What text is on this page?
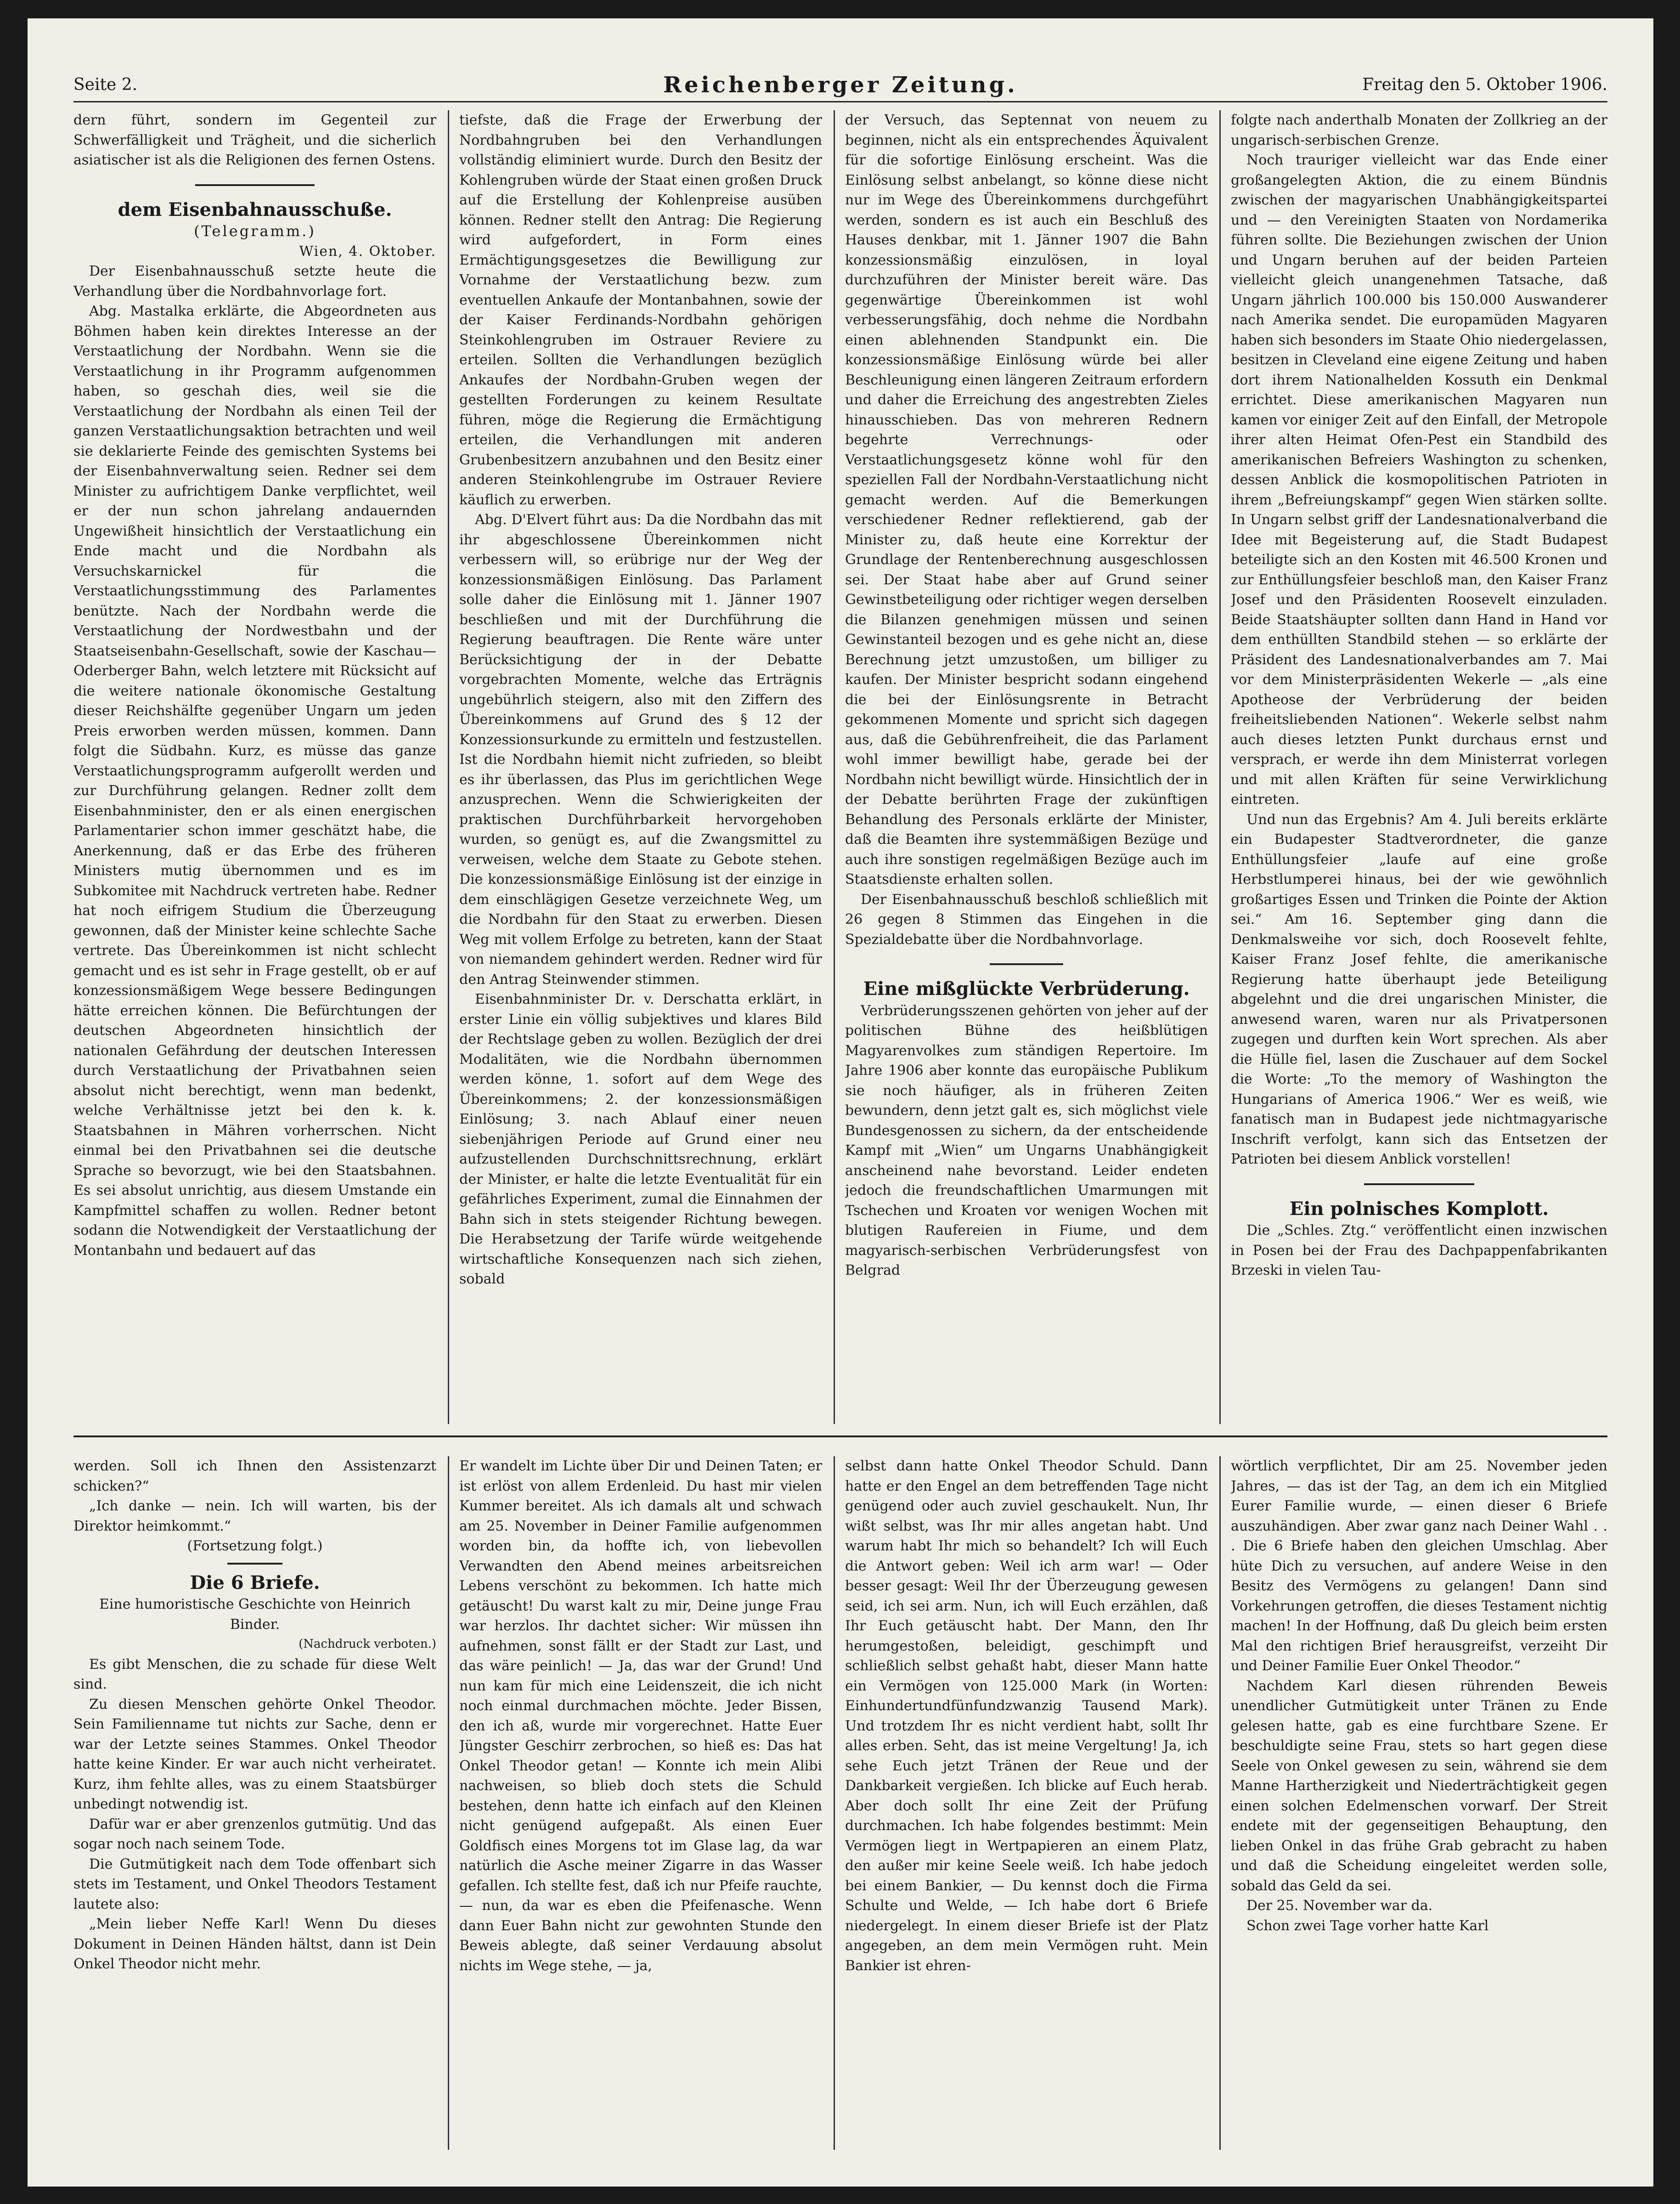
Seite 2.	Reichenberger Zeitung.	Freitag den 5. Oktober 1906.

dern führt, sondern im Gegenteil zur Schwerfälligkeit und Trägheit, und die sicherlich asiatischer ist als die Religionen des fernen Ostens.

dem Eisenbahnausschuße.
(Telegramm.)
Wien, 4. Oktober.

Der Eisenbahnausschuß setzte heute die Verhandlung über die Nordbahnvorlage fort.

Abg. Mastalka erklärte, die Abgeordneten aus Böhmen haben kein direktes Interesse an der Verstaatlichung der Nordbahn. Wenn sie die Verstaatlichung in ihr Programm aufgenommen haben, so geschah dies, weil sie die Verstaatlichung der Nordbahn als einen Teil der ganzen Verstaatlichungsaktion betrachten und weil sie deklarierte Feinde des gemischten Systems bei der Eisenbahnverwaltung seien. Redner sei dem Minister zu aufrichtigem Danke verpflichtet, weil er der nun schon jahrelang andauernden Ungewißheit hinsichtlich der Verstaatlichung ein Ende macht und die Nordbahn als Versuchskarnickel für die Verstaatlichungsstimmung des Parlamentes benützte. Nach der Nordbahn werde die Verstaatlichung der Nordwestbahn und der Staatseisenbahn-Gesellschaft, sowie der Kaschau—Oderberger Bahn, welch letztere mit Rücksicht auf die weitere nationale ökonomische Gestaltung dieser Reichshälfte gegenüber Ungarn um jeden Preis erworben werden müssen, kommen. Dann folgt die Südbahn. Kurz, es müsse das ganze Verstaatlichungsprogramm aufgerollt werden und zur Durchführung gelangen. Redner zollt dem Eisenbahnminister, den er als einen energischen Parlamentarier schon immer geschätzt habe, die Anerkennung, daß er das Erbe des früheren Ministers mutig übernommen und es im Subkomitee mit Nachdruck vertreten habe. Redner hat noch eifrigem Studium die Überzeugung gewonnen, daß der Minister keine schlechte Sache vertrete. Das Übereinkommen ist nicht schlecht gemacht und es ist sehr in Frage gestellt, ob er auf konzessionsmäßigem Wege bessere Bedingungen hätte erreichen können. Die Befürchtungen der deutschen Abgeordneten hinsichtlich der nationalen Gefährdung der deutschen Interessen durch Verstaatlichung der Privatbahnen seien absolut nicht berechtigt, wenn man bedenkt, welche Verhältnisse jetzt bei den k. k. Staatsbahnen in Mähren vorherrschen. Nicht einmal bei den Privatbahnen sei die deutsche Sprache so bevorzugt, wie bei den Staatsbahnen. Es sei absolut unrichtig, aus diesem Umstande ein Kampfmittel schaffen zu wollen. Redner betont sodann die Notwendigkeit der Verstaatlichung der Montanbahn und bedauert auf das

tiefste, daß die Frage der Erwerbung der Nordbahngruben bei den Verhandlungen vollständig eliminiert wurde. Durch den Besitz der Kohlengruben würde der Staat einen großen Druck auf die Erstellung der Kohlenpreise ausüben können. Redner stellt den Antrag: Die Regierung wird aufgefordert, in Form eines Ermächtigungsgesetzes die Bewilligung zur Vornahme der Verstaatlichung bezw. zum eventuellen Ankaufe der Montanbahnen, sowie der der Kaiser Ferdinands-Nordbahn gehörigen Steinkohlengruben im Ostrauer Reviere zu erteilen. Sollten die Verhandlungen bezüglich Ankaufes der Nordbahn-Gruben wegen der gestellten Forderungen zu keinem Resultate führen, möge die Regierung die Ermächtigung erteilen, die Verhandlungen mit anderen Grubenbesitzern anzubahnen und den Besitz einer anderen Steinkohlengrube im Ostrauer Reviere käuflich zu erwerben.

Abg. D'Elvert führt aus: Da die Nordbahn das mit ihr abgeschlossene Übereinkommen nicht verbessern will, so erübrige nur der Weg der konzessionsmäßigen Einlösung. Das Parlament solle daher die Einlösung mit 1. Jänner 1907 beschließen und mit der Durchführung die Regierung beauftragen. Die Rente wäre unter Berücksichtigung der in der Debatte vorgebrachten Momente, welche das Erträgnis ungebührlich steigern, also mit den Ziffern des Übereinkommens auf Grund des § 12 der Konzessionsurkunde zu ermitteln und festzustellen. Ist die Nordbahn hiemit nicht zufrieden, so bleibt es ihr überlassen, das Plus im gerichtlichen Wege anzusprechen. Wenn die Schwierigkeiten der praktischen Durchführbarkeit hervorgehoben wurden, so genügt es, auf die Zwangsmittel zu verweisen, welche dem Staate zu Gebote stehen. Die konzessionsmäßige Einlösung ist der einzige in dem einschlägigen Gesetze verzeichnete Weg, um die Nordbahn für den Staat zu erwerben. Diesen Weg mit vollem Erfolge zu betreten, kann der Staat von niemandem gehindert werden. Redner wird für den Antrag Steinwender stimmen.

Eisenbahnminister Dr. v. Derschatta erklärt, in erster Linie ein völlig subjektives und klares Bild der Rechtslage geben zu wollen. Bezüglich der drei Modalitäten, wie die Nordbahn übernommen werden könne, 1. sofort auf dem Wege des Übereinkommens; 2. der konzessionsmäßigen Einlösung; 3. nach Ablauf einer neuen siebenjährigen Periode auf Grund einer neu aufzustellenden Durchschnittsrechnung, erklärt der Minister, er halte die letzte Eventualität für ein gefährliches Experiment, zumal die Einnahmen der Bahn sich in stets steigender Richtung bewegen. Die Herabsetzung der Tarife würde weitgehende wirtschaftliche Konsequenzen nach sich ziehen, sobald

der Versuch, das Septennat von neuem zu beginnen, nicht als ein entsprechendes Äquivalent für die sofortige Einlösung erscheint. Was die Einlösung selbst anbelangt, so könne diese nicht nur im Wege des Übereinkommens durchgeführt werden, sondern es ist auch ein Beschluß des Hauses denkbar, mit 1. Jänner 1907 die Bahn konzessionsmäßig einzulösen, in loyal durchzuführen der Minister bereit wäre. Das gegenwärtige Übereinkommen ist wohl verbesserungsfähig, doch nehme die Nordbahn einen ablehnenden Standpunkt ein. Die konzessionsmäßige Einlösung würde bei aller Beschleunigung einen längeren Zeitraum erfordern und daher die Erreichung des angestrebten Zieles hinausschieben. Das von mehreren Rednern begehrte Verrechnungs- oder Verstaatlichungsgesetz könne wohl für den speziellen Fall der Nordbahn-Verstaatlichung nicht gemacht werden. Auf die Bemerkungen verschiedener Redner reflektierend, gab der Minister zu, daß heute eine Korrektur der Grundlage der Rentenberechnung ausgeschlossen sei. Der Staat habe aber auf Grund seiner Gewinstbeteiligung oder richtiger wegen derselben die Bilanzen genehmigen müssen und seinen Gewinstanteil bezogen und es gehe nicht an, diese Berechnung jetzt umzustoßen, um billiger zu kaufen. Der Minister bespricht sodann eingehend die bei der Einlösungsrente in Betracht gekommenen Momente und spricht sich dagegen aus, daß die Gebührenfreiheit, die das Parlament wohl immer bewilligt habe, gerade bei der Nordbahn nicht bewilligt würde. Hinsichtlich der in der Debatte berührten Frage der zukünftigen Behandlung des Personals erklärte der Minister, daß die Beamten ihre systemmäßigen Bezüge und auch ihre sonstigen regelmäßigen Bezüge auch im Staatsdienste erhalten sollen.

Der Eisenbahnausschuß beschloß schließlich mit 26 gegen 8 Stimmen das Eingehen in die Spezialdebatte über die Nordbahnvorlage.

Eine mißglückte Verbrüderung.

Verbrüderungsszenen gehörten von jeher auf der politischen Bühne des heißblütigen Magyarenvolkes zum ständigen Repertoire. Im Jahre 1906 aber konnte das europäische Publikum sie noch häufiger, als in früheren Zeiten bewundern, denn jetzt galt es, sich möglichst viele Bundesgenossen zu sichern, da der entscheidende Kampf mit „Wien“ um Ungarns Unabhängigkeit anscheinend nahe bevorstand. Leider endeten jedoch die freundschaftlichen Umarmungen mit Tschechen und Kroaten vor wenigen Wochen mit blutigen Raufereien in Fiume, und dem magyarisch-serbischen Verbrüderungsfest von Belgrad

folgte nach anderthalb Monaten der Zollkrieg an der ungarisch-serbischen Grenze.

Noch trauriger vielleicht war das Ende einer großangelegten Aktion, die zu einem Bündnis zwischen der magyarischen Unabhängigkeitspartei und — den Vereinigten Staaten von Nordamerika führen sollte. Die Beziehungen zwischen der Union und Ungarn beruhen auf der beiden Parteien vielleicht gleich unangenehmen Tatsache, daß Ungarn jährlich 100.000 bis 150.000 Auswanderer nach Amerika sendet. Die europamüden Magyaren haben sich besonders im Staate Ohio niedergelassen, besitzen in Cleveland eine eigene Zeitung und haben dort ihrem Nationalhelden Kossuth ein Denkmal errichtet. Diese amerikanischen Magyaren nun kamen vor einiger Zeit auf den Einfall, der Metropole ihrer alten Heimat Ofen-Pest ein Standbild des amerikanischen Befreiers Washington zu schenken, dessen Anblick die kosmopolitischen Patrioten in ihrem „Befreiungskampf“ gegen Wien stärken sollte. In Ungarn selbst griff der Landesnationalverband die Idee mit Begeisterung auf, die Stadt Budapest beteiligte sich an den Kosten mit 46.500 Kronen und zur Enthüllungsfeier beschloß man, den Kaiser Franz Josef und den Präsidenten Roosevelt einzuladen. Beide Staatshäupter sollten dann Hand in Hand vor dem enthüllten Standbild stehen — so erklärte der Präsident des Landesnationalverbandes am 7. Mai vor dem Ministerpräsidenten Wekerle — „als eine Apotheose der Verbrüderung der beiden freiheitsliebenden Nationen“. Wekerle selbst nahm auch dieses letzten Punkt durchaus ernst und versprach, er werde ihn dem Ministerrat vorlegen und mit allen Kräften für seine Verwirklichung eintreten.

Und nun das Ergebnis? Am 4. Juli bereits erklärte ein Budapester Stadtverordneter, die ganze Enthüllungsfeier „laufe auf eine große Herbstlumperei hinaus, bei der wie gewöhnlich großartiges Essen und Trinken die Pointe der Aktion sei.“ Am 16. September ging dann die Denkmalsweihe vor sich, doch Roosevelt fehlte, Kaiser Franz Josef fehlte, die amerikanische Regierung hatte überhaupt jede Beteiligung abgelehnt und die drei ungarischen Minister, die anwesend waren, waren nur als Privatpersonen zugegen und durften kein Wort sprechen. Als aber die Hülle fiel, lasen die Zuschauer auf dem Sockel die Worte: „To the memory of Washington the Hungarians of America 1906.“ Wer es weiß, wie fanatisch man in Budapest jede nichtmagyarische Inschrift verfolgt, kann sich das Entsetzen der Patrioten bei diesem Anblick vorstellen!

Ein polnisches Komplott.

Die „Schles. Ztg.“ veröffentlicht einen inzwischen in Posen bei der Frau des Dachpappenfabrikanten Brzeski in vielen Tau-

werden. Soll ich Ihnen den Assistenzarzt schicken?“

„Ich danke — nein. Ich will warten, bis der Direktor heimkommt.“

(Fortsetzung folgt.)

Die 6 Briefe.
Eine humoristische Geschichte von Heinrich Binder.
(Nachdruck verboten.)

Es gibt Menschen, die zu schade für diese Welt sind.

Zu diesen Menschen gehörte Onkel Theodor. Sein Familienname tut nichts zur Sache, denn er war der Letzte seines Stammes. Onkel Theodor hatte keine Kinder. Er war auch nicht verheiratet. Kurz, ihm fehlte alles, was zu einem Staatsbürger unbedingt notwendig ist.

Dafür war er aber grenzenlos gutmütig. Und das sogar noch nach seinem Tode.

Die Gutmütigkeit nach dem Tode offenbart sich stets im Testament, und Onkel Theodors Testament lautete also:

„Mein lieber Neffe Karl! Wenn Du dieses Dokument in Deinen Händen hältst, dann ist Dein Onkel Theodor nicht mehr.

Er wandelt im Lichte über Dir und Deinen Taten; er ist erlöst von allem Erdenleid. Du hast mir vielen Kummer bereitet. Als ich damals alt und schwach am 25. November in Deiner Familie aufgenommen worden bin, da hoffte ich, von liebevollen Verwandten den Abend meines arbeitsreichen Lebens verschönt zu bekommen. Ich hatte mich getäuscht! Du warst kalt zu mir, Deine junge Frau war herzlos. Ihr dachtet sicher: Wir müssen ihn aufnehmen, sonst fällt er der Stadt zur Last, und das wäre peinlich! — Ja, das war der Grund! Und nun kam für mich eine Leidenszeit, die ich nicht noch einmal durchmachen möchte. Jeder Bissen, den ich aß, wurde mir vorgerechnet. Hatte Euer Jüngster Geschirr zerbrochen, so hieß es: Das hat Onkel Theodor getan! — Konnte ich mein Alibi nachweisen, so blieb doch stets die Schuld bestehen, denn hatte ich einfach auf den Kleinen nicht genügend aufgepaßt. Als einen Euer Goldfisch eines Morgens tot im Glase lag, da war natürlich die Asche meiner Zigarre in das Wasser gefallen. Ich stellte fest, daß ich nur Pfeife rauchte, — nun, da war es eben die Pfeifenasche. Wenn dann Euer Bahn nicht zur gewohnten Stunde den Beweis ablegte, daß seiner Verdauung absolut nichts im Wege stehe, — ja,

selbst dann hatte Onkel Theodor Schuld. Dann hatte er den Engel an dem betreffenden Tage nicht genügend oder auch zuviel geschaukelt. Nun, Ihr wißt selbst, was Ihr mir alles angetan habt. Und warum habt Ihr mich so behandelt? Ich will Euch die Antwort geben: Weil ich arm war! — Oder besser gesagt: Weil Ihr der Überzeugung gewesen seid, ich sei arm. Nun, ich will Euch erzählen, daß Ihr Euch getäuscht habt. Der Mann, den Ihr herumgestoßen, beleidigt, geschimpft und schließlich selbst gehaßt habt, dieser Mann hatte ein Vermögen von 125.000 Mark (in Worten: Einhundertundfünfundzwanzig Tausend Mark). Und trotzdem Ihr es nicht verdient habt, sollt Ihr alles erben. Seht, das ist meine Vergeltung! Ja, ich sehe Euch jetzt Tränen der Reue und der Dankbarkeit vergießen. Ich blicke auf Euch herab. Aber doch sollt Ihr eine Zeit der Prüfung durchmachen. Ich habe folgendes bestimmt: Mein Vermögen liegt in Wertpapieren an einem Platz, den außer mir keine Seele weiß. Ich habe jedoch bei einem Bankier, — Du kennst doch die Firma Schulte und Welde, — Ich habe dort 6 Briefe niedergelegt. In einem dieser Briefe ist der Platz angegeben, an dem mein Vermögen ruht. Mein Bankier ist ehren-

wörtlich verpflichtet, Dir am 25. November jeden Jahres, — das ist der Tag, an dem ich ein Mitglied Eurer Familie wurde, — einen dieser 6 Briefe auszuhändigen. Aber zwar ganz nach Deiner Wahl . . . Die 6 Briefe haben den gleichen Umschlag. Aber hüte Dich zu versuchen, auf andere Weise in den Besitz des Vermögens zu gelangen! Dann sind Vorkehrungen getroffen, die dieses Testament nichtig machen! In der Hoffnung, daß Du gleich beim ersten Mal den richtigen Brief herausgreifst, verzeiht Dir und Deiner Familie Euer Onkel Theodor.“

Nachdem Karl diesen rührenden Beweis unendlicher Gutmütigkeit unter Tränen zu Ende gelesen hatte, gab es eine furchtbare Szene. Er beschuldigte seine Frau, stets so hart gegen diese Seele von Onkel gewesen zu sein, während sie dem Manne Hartherzigkeit und Niederträchtigkeit gegen einen solchen Edelmenschen vorwarf. Der Streit endete mit der gegenseitigen Behauptung, den lieben Onkel in das frühe Grab gebracht zu haben und daß die Scheidung eingeleitet werden solle, sobald das Geld da sei.

Der 25. November war da.

Schon zwei Tage vorher hatte Karl
